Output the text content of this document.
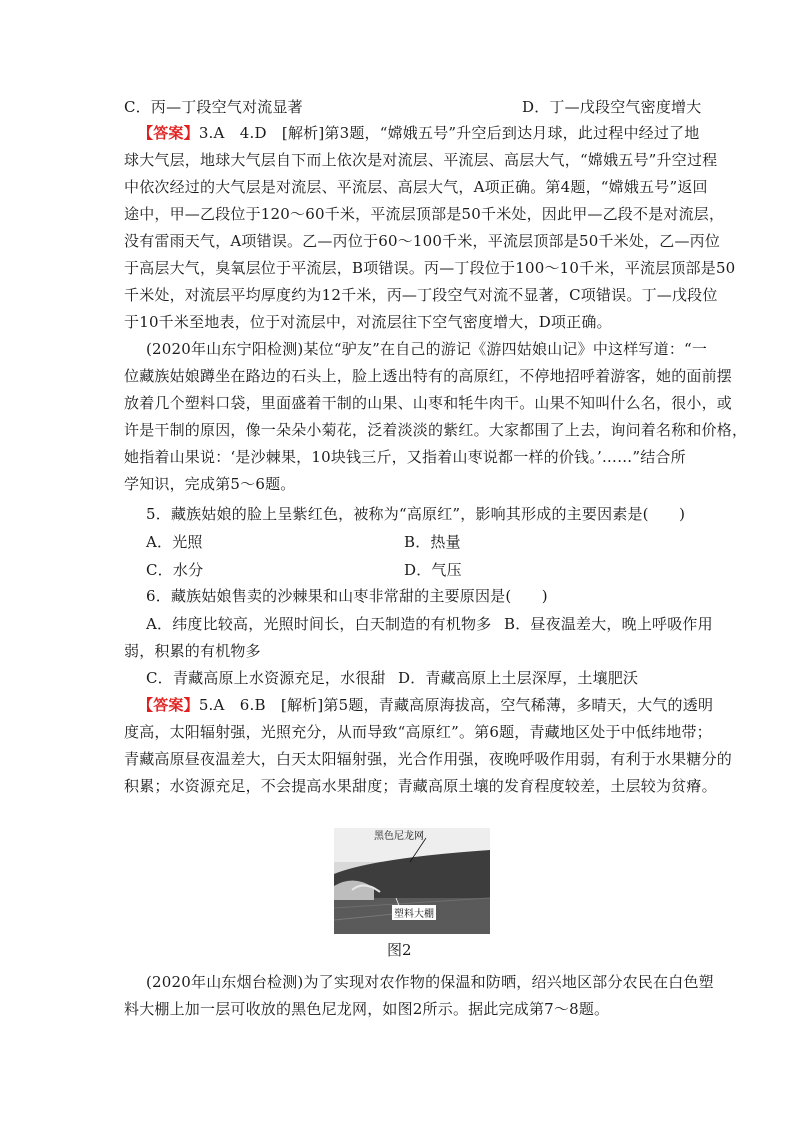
C．丙—丁段空气对流显著	D．丁—戊段空气密度增大
【答案】3.A　4.D　[解析]第3题，“嫦娥五号”升空后到达月球，此过程中经过了地
球大气层，地球大气层自下而上依次是对流层、平流层、高层大气，“嫦娥五号”升空过程
中依次经过的大气层是对流层、平流层、高层大气，A项正确。第4题，“嫦娥五号”返回
途中，甲—乙段位于120～60千米，平流层顶部是50千米处，因此甲—乙段不是对流层，
没有雷雨天气，A项错误。乙—丙位于60～100千米，平流层顶部是50千米处，乙—丙位
于高层大气，臭氧层位于平流层，B项错误。丙—丁段位于100～10千米，平流层顶部是50
千米处，对流层平均厚度约为12千米，丙—丁段空气对流不显著，C项错误。丁—戊段位
于10千米至地表，位于对流层中，对流层往下空气密度增大，D项正确。
(2020年山东宁阳检测)某位“驴友”在自己的游记《游四姑娘山记》中这样写道：“一
位藏族姑娘蹲坐在路边的石头上，脸上透出特有的高原红，不停地招呼着游客，她的面前摆
放着几个塑料口袋，里面盛着干制的山果、山枣和牦牛肉干。山果不知叫什么名，很小，或
许是干制的原因，像一朵朵小菊花，泛着淡淡的紫红。大家都围了上去，询问着名称和价格，
她指着山果说：‘是沙棘果，10块钱三斤，又指着山枣说都一样的价钱。’……”结合所
学知识，完成第5～6题。
5．藏族姑娘的脸上呈紫红色，被称为“高原红”，影响其形成的主要因素是(　　)
A．光照	B．热量
C．水分	D．气压
6．藏族姑娘售卖的沙棘果和山枣非常甜的主要原因是(　　)
A．纬度比较高，光照时间长，白天制造的有机物多 B．昼夜温差大，晚上呼吸作用
弱，积累的有机物多
C．青藏高原上水资源充足，水很甜 D．青藏高原上土层深厚，土壤肥沃
【答案】5.A　6.B　[解析]第5题，青藏高原海拔高，空气稀薄，多晴天，大气的透明
度高，太阳辐射强，光照充分，从而导致“高原红”。第6题，青藏地区处于中低纬地带；
青藏高原昼夜温差大，白天太阳辐射强，光合作用强，夜晚呼吸作用弱，有利于水果糖分的
积累；水资源充足，不会提高水果甜度；青藏高原土壤的发育程度较差，土层较为贫瘠。
黑色尼龙网
塑料大棚
图2
(2020年山东烟台检测)为了实现对农作物的保温和防晒，绍兴地区部分农民在白色塑
料大棚上加一层可收放的黑色尼龙网，如图2所示。据此完成第7～8题。
